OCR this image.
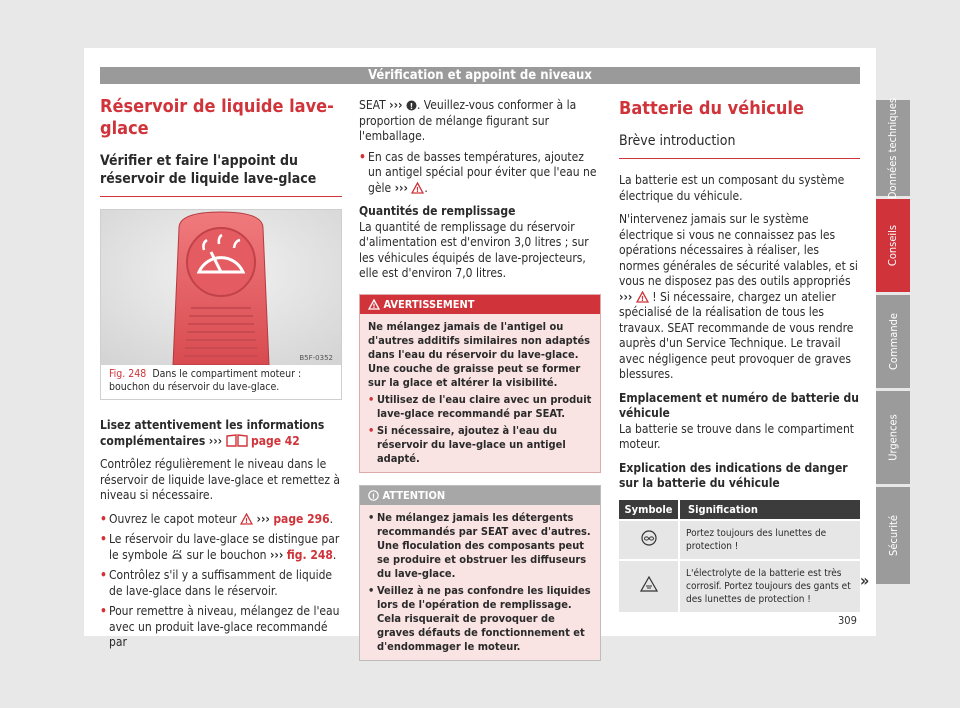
Vérification et appoint de niveaux
Réservoir de liquide lave-glace
Vérifier et faire l'appoint du réservoir de liquide lave-glace
B5F-0352
Fig. 248 Dans le compartiment moteur : bouchon du réservoir du lave-glace.

Lisez attentivement les informations complémentaires ››› page 42

Contrôlez régulièrement le niveau dans le réservoir de liquide lave-glace et remettez à niveau si nécessaire.

• Ouvrez le capot moteur ! ››› page 296.
• Le réservoir du lave-glace se distingue par le symbole sur le bouchon ››› fig. 248.
• Contrôlez s'il y a suffisamment de liquide de lave-glace dans le réservoir.
• Pour remettre à niveau, mélangez de l'eau avec un produit lave-glace recommandé par
SEAT ››› ! . Veuillez-vous conformer à la proportion de mélange figurant sur l'emballage.
• En cas de basses températures, ajoutez un antigel spécial pour éviter que l'eau ne gèle ››› ! .

Quantités de remplissage

La quantité de remplissage du réservoir d'alimentation est d'environ 3,0 litres ; sur les véhicules équipés de lave-projecteurs, elle est d'environ 7,0 litres.
! AVERTISSEMENT
Ne mélangez jamais de l'antigel ou d'autres additifs similaires non adaptés dans l'eau du réservoir du lave-glace. Une couche de graisse peut se former sur la glace et altérer la visibilité.
• Utilisez de l'eau claire avec un produit lave-glace recommandé par SEAT.
• Si nécessaire, ajoutez à l'eau du réservoir du lave-glace un antigel adapté.
! ATTENTION
• Ne mélangez jamais les détergents recommandés par SEAT avec d'autres. Une floculation des composants peut se produire et obstruer les diffuseurs du lave-glace.
• Veillez à ne pas confondre les liquides lors de l'opération de remplissage. Cela risquerait de provoquer de graves défauts de fonctionnement et d'endommager le moteur.
Batterie du véhicule
Brève introduction

La batterie est un composant du système électrique du véhicule.

N'intervenez jamais sur le système électrique si vous ne connaissez pas les opérations nécessaires à réaliser, les normes générales de sécurité valables, et si vous ne disposez pas des outils appropriés ››› ! ! Si nécessaire, chargez un atelier spécialisé de la réalisation de tous les travaux. SEAT recommande de vous rendre auprès d'un Service Technique. Le travail avec négligence peut provoquer de graves blessures.

Emplacement et numéro de batterie du véhicule

La batterie se trouve dans le compartiment moteur.

Explication des indications de danger sur la batterie du véhicule

Symbole	Signification
	Portez toujours des lunettes de protection !
	L'électrolyte de la batterie est très corrosif. Portez toujours des gants et des lunettes de protection !
»
Données techniques
Conseils
Commande
Urgences
Sécurité
309
